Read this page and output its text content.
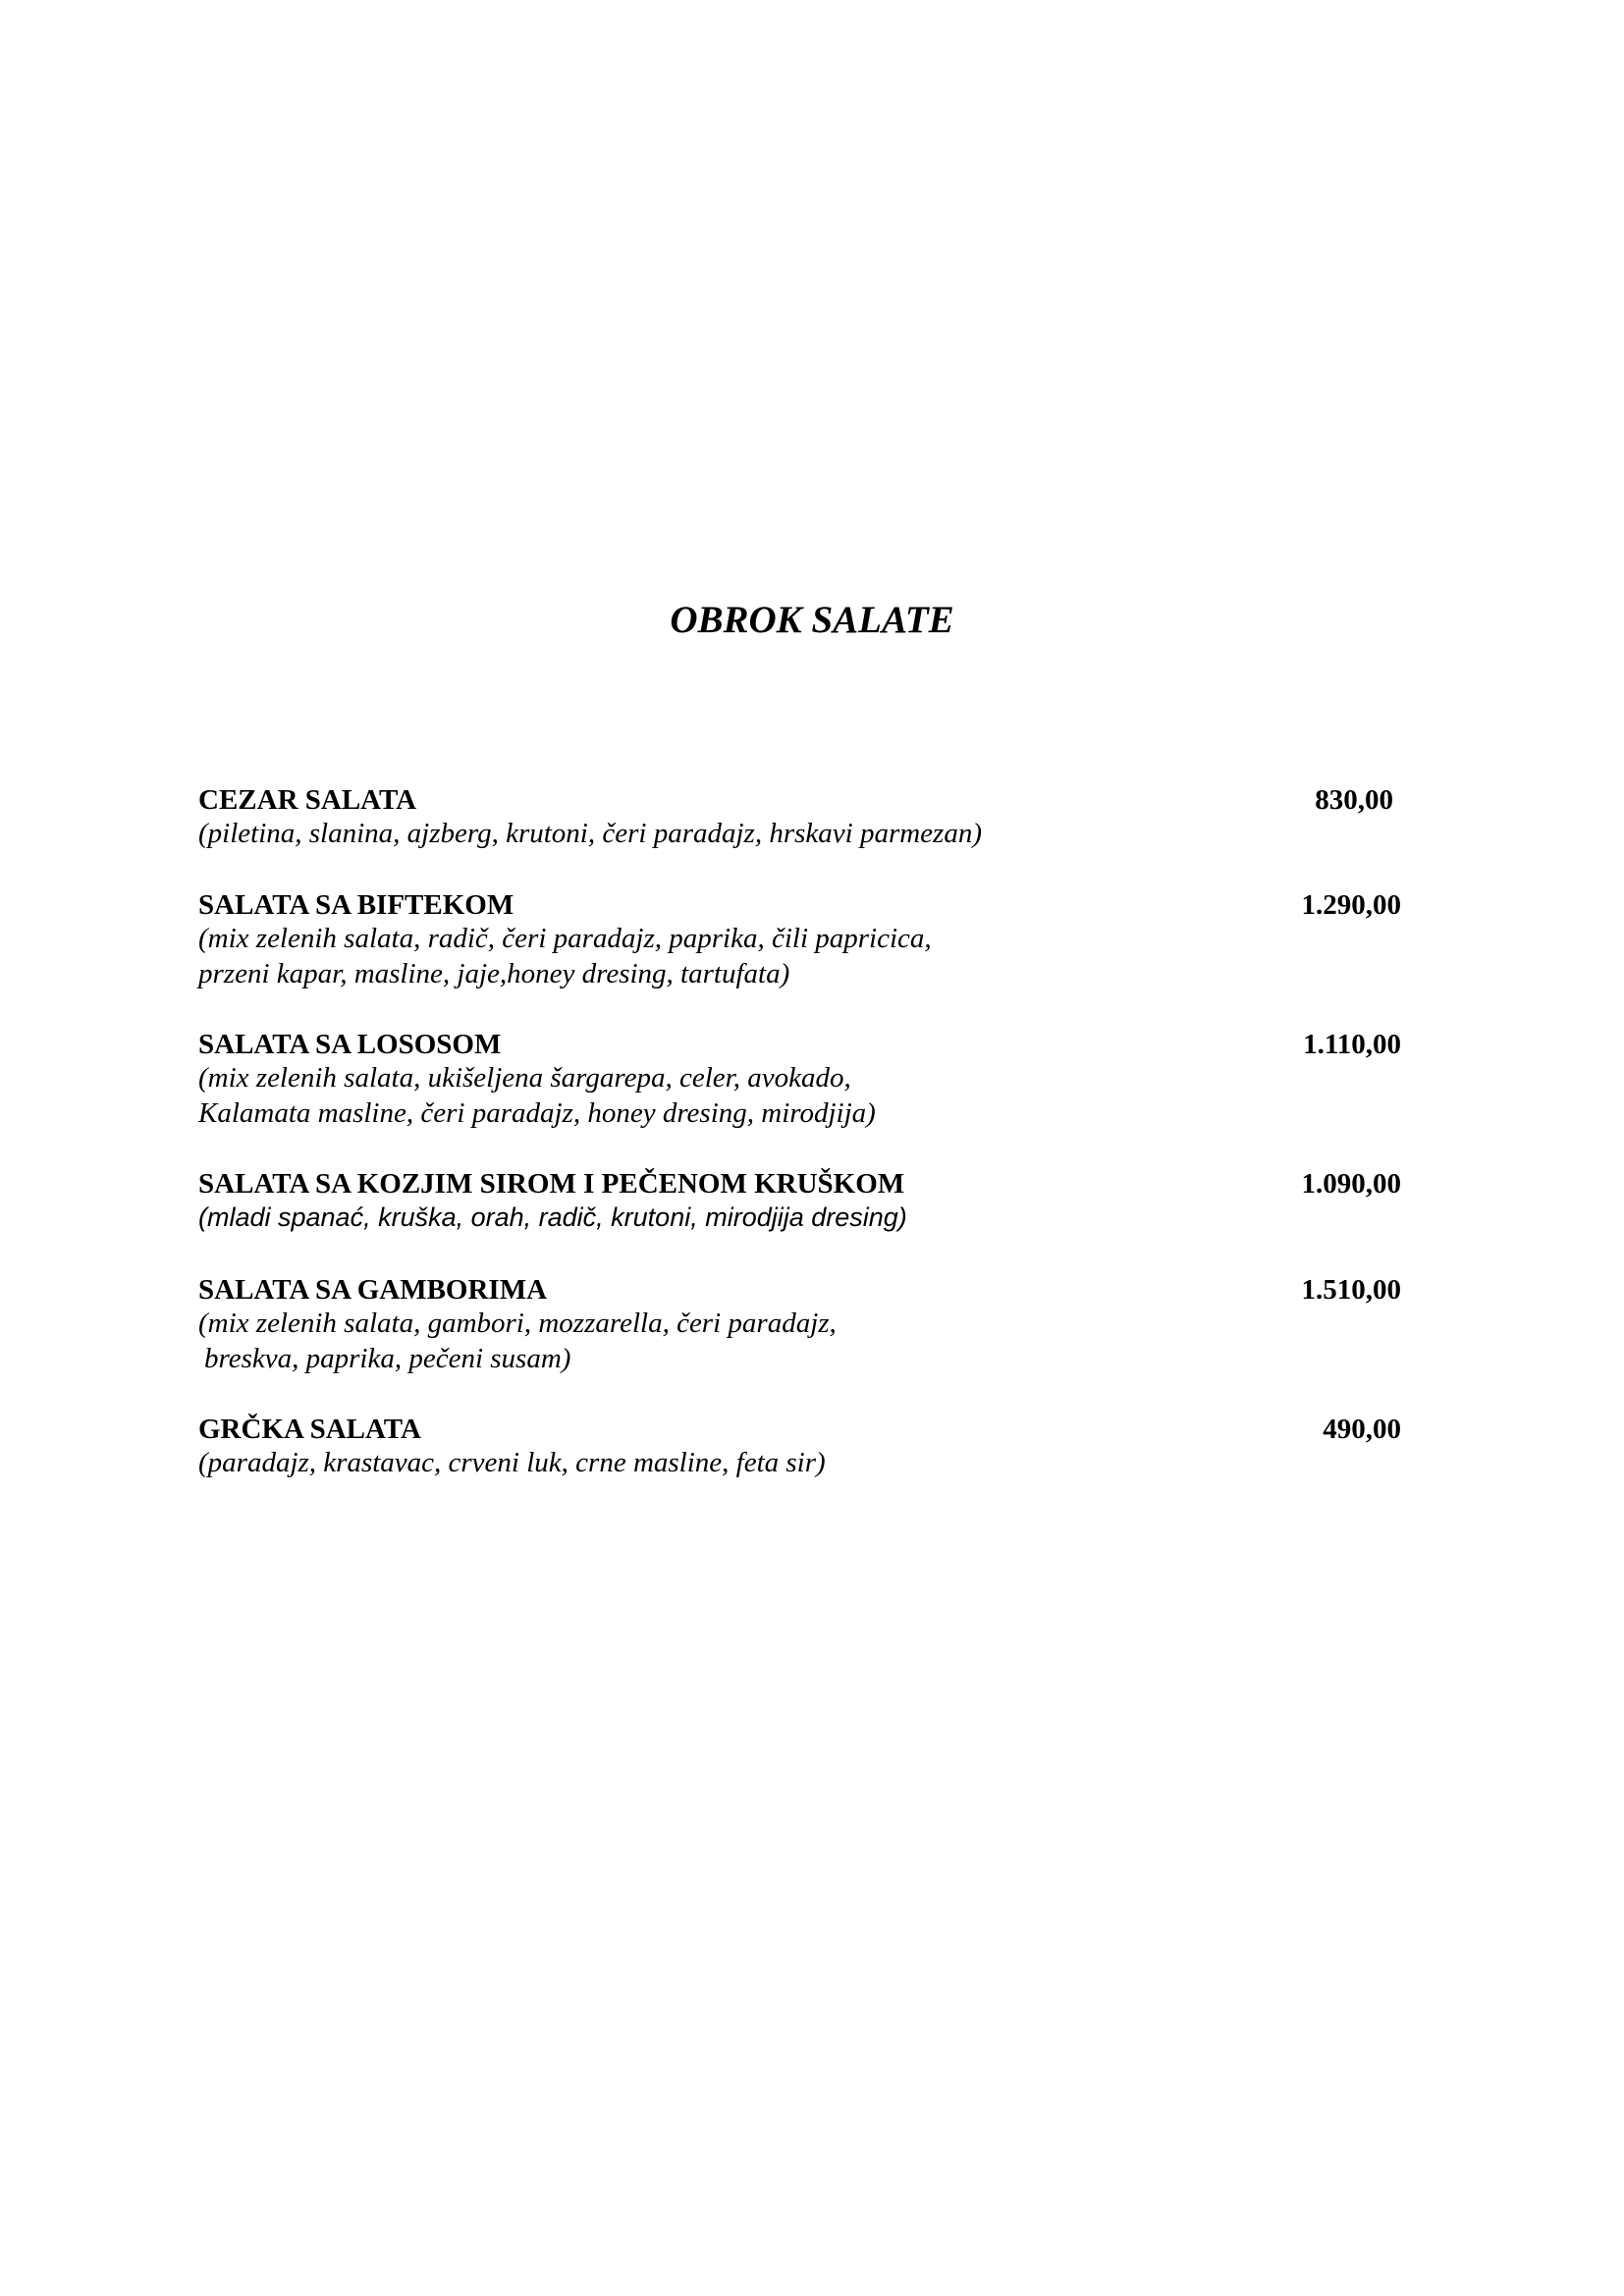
OBROK SALATE
CEZAR SALATA	830,00
(piletina, slanina, ajzberg, krutoni, čeri paradajz, hrskavi parmezan)
SALATA SA BIFTEKOM	1.290,00
(mix zelenih salata, radič, čeri paradajz, paprika, čili papricica,
przeni kapar, masline, jaje,honey dresing, tartufata)
SALATA SA LOSOSOM	1.110,00
(mix zelenih salata, ukišeljena šargarepa, celer, avokado,
Kalamata masline, čeri paradajz, honey dresing, mirodjija)
SALATA SA KOZJIM SIROM I PEČENOM KRUŠKOM	1.090,00
(mladi spanać, kruška, orah, radič, krutoni, mirodjija dresing)
SALATA SA GAMBORIMA	1.510,00
(mix zelenih salata, gambori, mozzarella, čeri paradajz,
breskva, paprika, pečeni susam)
GRČKA SALATA	490,00
(paradajz, krastavac, crveni luk, crne masline, feta sir)
